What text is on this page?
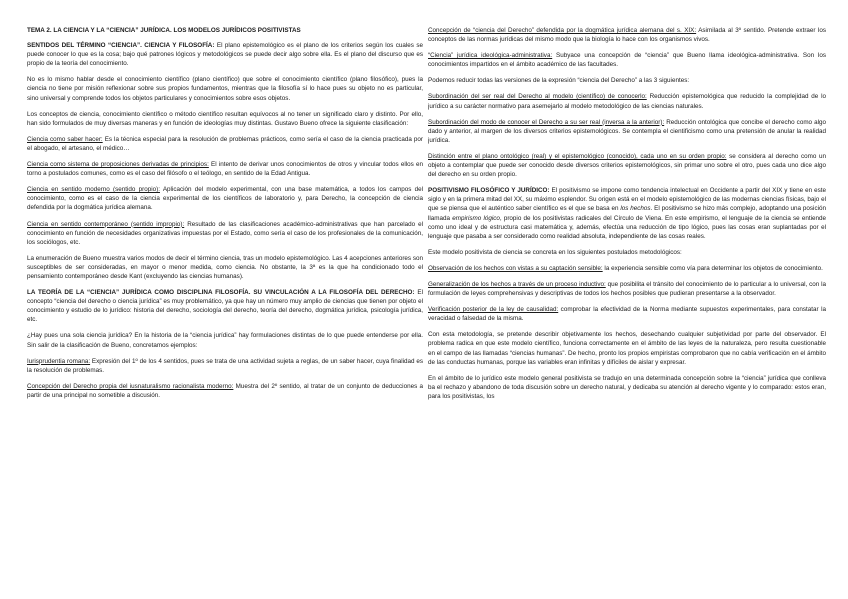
TEMA 2. LA CIENCIA Y LA “CIENCIA” JURÍDICA. LOS MODELOS JURÍDICOS POSITIVISTAS

SENTIDOS DEL TÉRMINO “CIENCIA”. CIENCIA Y FILOSOFÍA: El plano epistemológico es el plano de los criterios según los cuales se puede conocer lo que es la cosa; bajo qué patrones lógicos y metodológicos se puede decir algo sobre ella. Es el plano del discurso que es propio de la teoría del conocimiento.

No es lo mismo hablar desde el conocimiento científico (plano científico) que sobre el conocimiento científico (plano filosófico), pues la ciencia no tiene por misión reflexionar sobre sus propios fundamentos, mientras que la filosofía sí lo hace pues su objeto no es particular, sino universal y comprende todos los objetos particulares y conocimientos sobre esos objetos.

Los conceptos de ciencia, conocimiento científico o método científico resultan equívocos al no tener un significado claro y distinto. Por ello, han sido formulados de muy diversas maneras y en función de ideologías muy distintas. Gustavo Bueno ofrece la siguiente clasificación:

Ciencia como saber hacer: Es la técnica especial para la resolución de problemas prácticos, como sería el caso de la ciencia practicada por el abogado, el artesano, el médico…

Ciencia como sistema de proposiciones derivadas de principios: El intento de derivar unos conocimientos de otros y vincular todos ellos en torno a postulados comunes, como es el caso del filósofo o el teólogo, en sentido de la Edad Antigua.

Ciencia en sentido moderno (sentido propio): Aplicación del modelo experimental, con una base matemática, a todos los campos del conocimiento, como es el caso de la ciencia experimental de los científicos de laboratorio y, para Derecho, la concepción de ciencia defendida por la dogmática jurídica alemana.

Ciencia en sentido contemporáneo (sentido impropio): Resultado de las clasificaciones académico-administrativas que han parcelado el conocimiento en función de necesidades organizativas impuestas por el Estado, como sería el caso de los profesionales de la comunicación, los sociólogos, etc.

La enumeración de Bueno muestra varios modos de decir el término ciencia, tras un modelo epistemológico. Las 4 acepciones anteriores son susceptibles de ser consideradas, en mayor o menor medida, como ciencia. No obstante, la 3ª es la que ha condicionado todo el pensamiento contemporáneo desde Kant (excluyendo las ciencias humanas).

LA TEORÍA DE LA “CIENCIA” JURÍDICA COMO DISCIPLINA FILOSOFÍA. SU VINCULACIÓN A LA FILOSOFÍA DEL DERECHO: El concepto “ciencia del derecho o ciencia jurídica” es muy problemático, ya que hay un número muy amplio de ciencias que tienen por objeto el conocimiento y estudio de lo jurídico: historia del derecho, sociología del derecho, teoría del derecho, dogmática jurídica, psicología jurídica, etc.

¿Hay pues una sola ciencia jurídica? En la historia de la “ciencia jurídica” hay formulaciones distintas de lo que puede entenderse por ella. Sin salir de la clasificación de Bueno, concretamos ejemplos:

Iurisprudentia romana: Expresión del 1º de los 4 sentidos, pues se trata de una actividad sujeta a reglas, de un saber hacer, cuya finalidad es la resolución de problemas.

Concepción del Derecho propia del iusnaturalismo racionalista moderno: Muestra del 2º sentido, al tratar de un conjunto de deducciones a partir de una principal no sometible a discusión.

Concepción de “ciencia del Derecho” defendida por la dogmática jurídica alemana del s. XIX: Asimilada al 3º sentido. Pretende extraer los conceptos de las normas jurídicas del mismo modo que la biología lo hace con los organismos vivos.

“Ciencia” jurídica ideológica-administrativa: Subyace una concepción de “ciencia” que Bueno llama ideológica-administrativa. Son los conocimientos impartidos en el ámbito académico de las facultades.

Podemos reducir todas las versiones de la expresión “ciencia del Derecho” a las 3 siguientes:

Subordinación del ser real del Derecho al modelo (científico) de conocerlo: Reducción epistemológica que reducido la complejidad de lo jurídico a su carácter normativo para asemejarlo al modelo metodológico de las ciencias naturales.

Subordinación del modo de conocer el Derecho a su ser real (inversa a la anterior): Reducción ontológica que concibe el derecho como algo dado y anterior, al margen de los diversos criterios epistemológicos. Se contempla el cientificismo como una pretensión de anular la realidad jurídica.

Distinción entre el plano ontológico (real) y el epistemológico (conocido), cada uno en su orden propio: se considera al derecho como un objeto a contemplar que puede ser conocido desde diversos criterios epistemológicos, sin primar uno sobre el otro, pues cada uno dice algo del derecho en su orden propio.

POSITIVISMO FILOSÓFICO Y JURÍDICO: El positivismo se impone como tendencia intelectual en Occidente a partir del XIX y tiene en este siglo y en la primera mitad del XX, su máximo esplendor. Su origen está en el modelo epistemológico de las modernas ciencias físicas, bajo el que se piensa que el auténtico saber científico es el que se basa en los hechos. El positivismo se hizo más complejo, adoptando una posición llamada empirismo lógico, propio de los positivistas radicales del Círculo de Viena. En este empirismo, el lenguaje de la ciencia se entiende como uno ideal y de estructura casi matemática y, además, efectúa una reducción de tipo lógico, pues las cosas eran suplantadas por el lenguaje que pasaba a ser considerado como realidad absoluta, independiente de las cosas reales.

Este modelo positivista de ciencia se concreta en los siguientes postulados metodológicos:

Observación de los hechos con vistas a su captación sensible: la experiencia sensible como vía para determinar los objetos de conocimiento.

Generalización de los hechos a través de un proceso inductivo: que posibilita el tránsito del conocimiento de lo particular a lo universal, con la formulación de leyes comprehensivas y descriptivas de todos los hechos posibles que pudieran presentarse a la observador.

Verificación posterior de la ley de causalidad: comprobar la efectividad de la Norma mediante supuestos experimentales, para constatar la veracidad o falsedad de la misma.

Con esta metodología, se pretende describir objetivamente los hechos, desechando cualquier subjetividad por parte del observador. El problema radica en que este modelo científico, funciona correctamente en el ámbito de las leyes de la naturaleza, pero resulta cuestionable en el campo de las llamadas “ciencias humanas”. De hecho, pronto los propios empiristas comprobaron que no cabía verificación en el ámbito de las conductas humanas, porque las variables eran infinitas y difíciles de aislar y expresar.

En el ámbito de lo jurídico este modelo general positivista se tradujo en una determinada concepción sobre la “ciencia” jurídica que conlleva ba el rechazo y abandono de toda discusión sobre un derecho natural, y dedicaba su atención al derecho vigente y lo comparado: estos eran, para los positivistas, los
